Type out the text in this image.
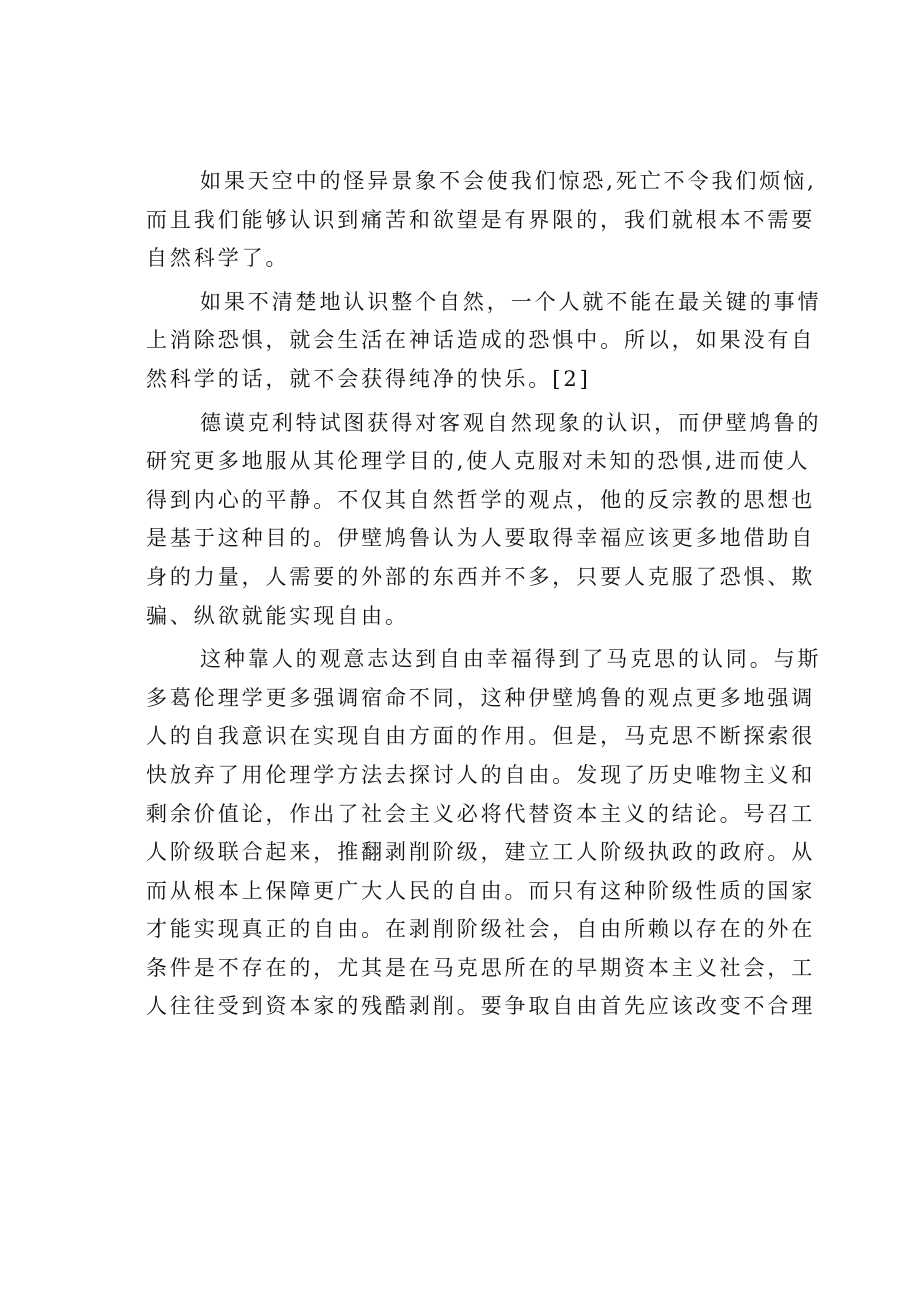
如果天空中的怪异景象不会使我们惊恐,死亡不令我们烦恼,
而且我们能够认识到痛苦和欲望是有界限的，我们就根本不需要
自然科学了。
如果不清楚地认识整个自然，一个人就不能在最关键的事情
上消除恐惧，就会生活在神话造成的恐惧中。所以，如果没有自
然科学的话，就不会获得纯净的快乐。[2]
德谟克利特试图获得对客观自然现象的认识，而伊壁鸠鲁的
研究更多地服从其伦理学目的,使人克服对未知的恐惧,进而使人
得到内心的平静。不仅其自然哲学的观点，他的反宗教的思想也
是基于这种目的。伊壁鸠鲁认为人要取得幸福应该更多地借助自
身的力量，人需要的外部的东西并不多，只要人克服了恐惧、欺
骗、纵欲就能实现自由。
这种靠人的观意志达到自由幸福得到了马克思的认同。与斯
多葛伦理学更多强调宿命不同，这种伊壁鸠鲁的观点更多地强调
人的自我意识在实现自由方面的作用。但是，马克思不断探索很
快放弃了用伦理学方法去探讨人的自由。发现了历史唯物主义和
剩余价值论，作出了社会主义必将代替资本主义的结论。号召工
人阶级联合起来，推翻剥削阶级，建立工人阶级执政的政府。从
而从根本上保障更广大人民的自由。而只有这种阶级性质的国家
才能实现真正的自由。在剥削阶级社会，自由所赖以存在的外在
条件是不存在的，尤其是在马克思所在的早期资本主义社会，工
人往往受到资本家的残酷剥削。要争取自由首先应该改变不合理
